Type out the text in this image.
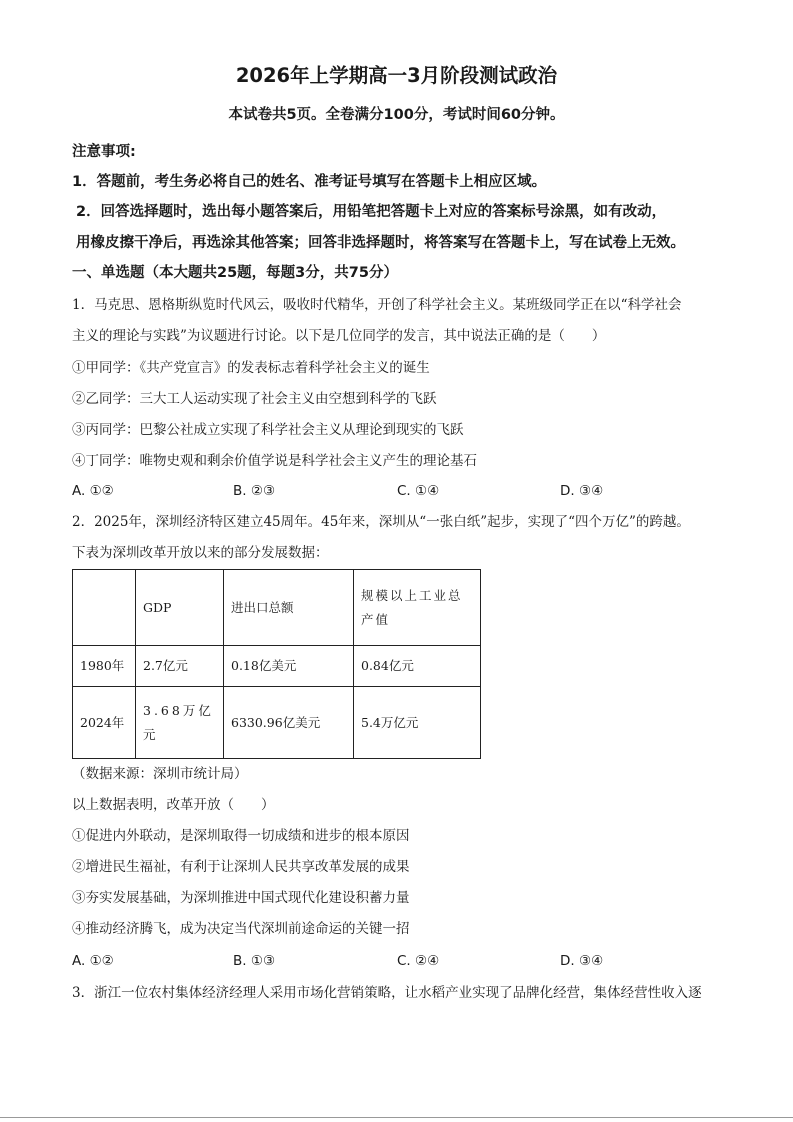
2026年上学期高一3月阶段测试政治
本试卷共5页。全卷满分100分，考试时间60分钟。
注意事项:
1．答题前，考生务必将自己的姓名、准考证号填写在答题卡上相应区域。
2．回答选择题时，选出每小题答案后，用铅笔把答题卡上对应的答案标号涂黑，如有改动，
用橡皮擦干净后，再选涂其他答案；回答非选择题时，将答案写在答题卡上，写在试卷上无效。
一、单选题（本大题共25题，每题3分，共75分）
1．马克思、恩格斯纵览时代风云，吸收时代精华，开创了科学社会主义。某班级同学正在以“科学社会
主义的理论与实践”为议题进行讨论。以下是几位同学的发言，其中说法正确的是（　　）
①甲同学：《共产党宣言》的发表标志着科学社会主义的诞生
②乙同学：三大工人运动实现了社会主义由空想到科学的飞跃
③丙同学：巴黎公社成立实现了科学社会主义从理论到现实的飞跃
④丁同学：唯物史观和剩余价值学说是科学社会主义产生的理论基石
A. ①②	B. ②③	C. ①④	D. ③④
2．2025年，深圳经济特区建立45周年。45年来，深圳从“一张白纸”起步，实现了“四个万亿”的跨越。
下表为深圳改革开放以来的部分发展数据：
	GDP	进出口总额	规模以上工业总产值
1980年	2.7亿元	0.18亿美元	0.84亿元
2024年	3.68万亿元	6330.96亿美元	5.4万亿元
（数据来源：深圳市统计局）
以上数据表明，改革开放（　　）
①促进内外联动，是深圳取得一切成绩和进步的根本原因
②增进民生福祉，有利于让深圳人民共享改革发展的成果
③夯实发展基础，为深圳推进中国式现代化建设积蓄力量
④推动经济腾飞，成为决定当代深圳前途命运的关键一招
A. ①②	B. ①③	C. ②④	D. ③④
3．浙江一位农村集体经济经理人采用市场化营销策略，让水稻产业实现了品牌化经营，集体经营性收入逐
